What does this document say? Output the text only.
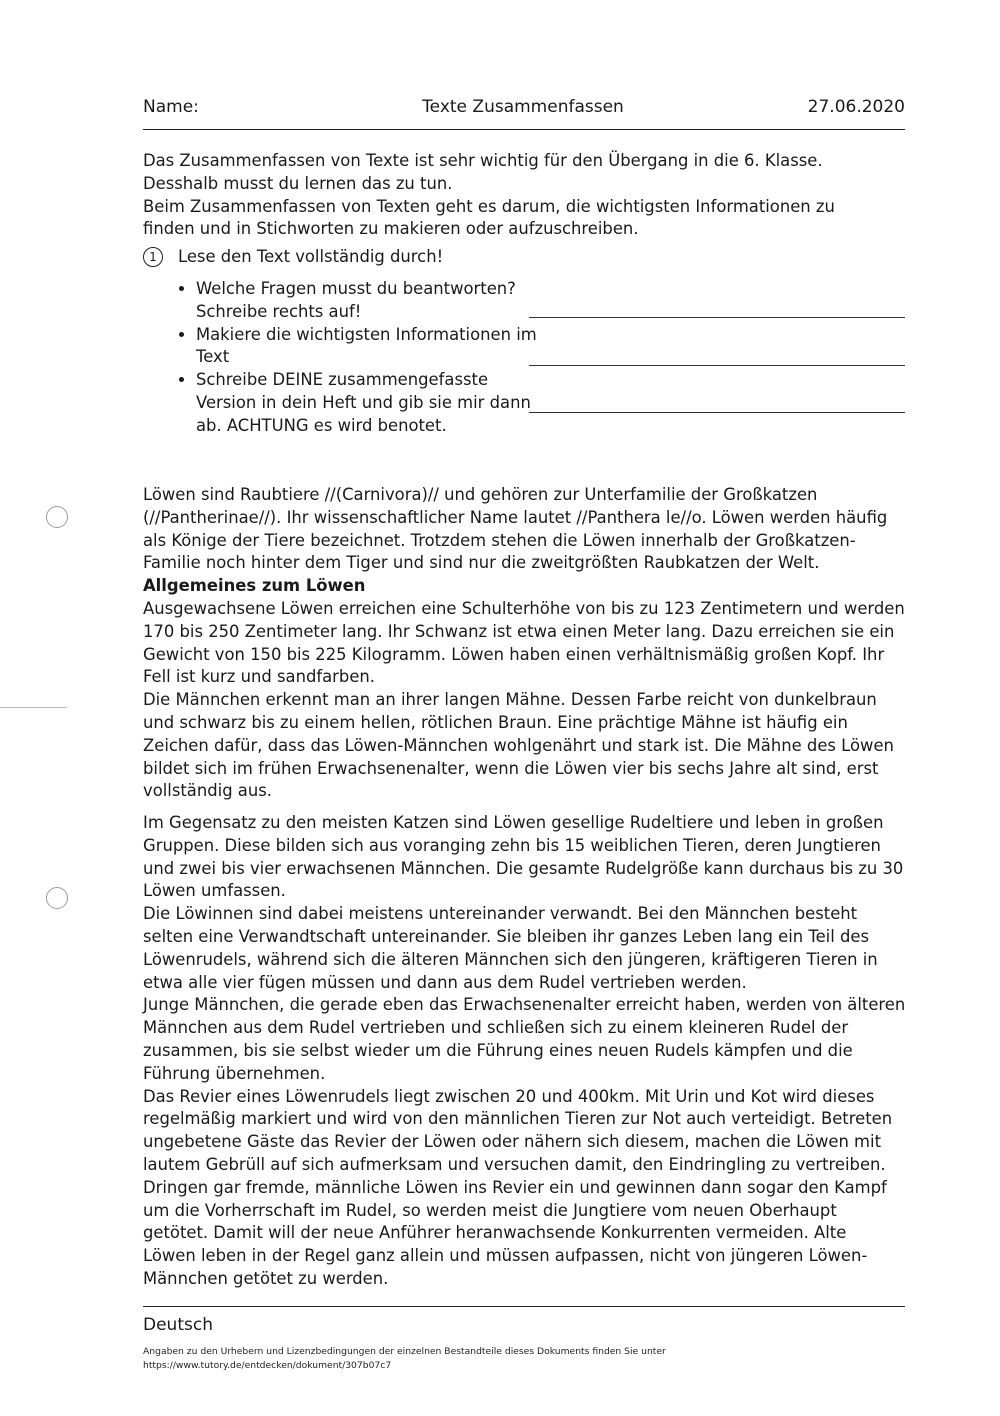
Name:	Texte Zusammenfassen	27.06.2020

Das Zusammenfassen von Texte ist sehr wichtig für den Übergang in die 6. Klasse.

Desshalb musst du lernen das zu tun.

Beim Zusammenfassen von Texten geht es darum, die wichtigsten Informationen zu

finden und in Stichworten zu makieren oder aufzuschreiben.

1	Lese den Text vollständig durch!
• Welche Fragen musst du beantworten? Schreibe rechts auf!
• Makiere die wichtigsten Informationen im Text
• Schreibe DEINE zusammengefasste Version in dein Heft und gib sie mir dann ab. ACHTUNG es wird benotet.

Löwen sind Raubtiere //(Carnivora)// und gehören zur Unterfamilie der Großkatzen

(//Pantherinae//). Ihr wissenschaftlicher Name lautet //Panthera le//o. Löwen werden häufig

als Könige der Tiere bezeichnet. Trotzdem stehen die Löwen innerhalb der Großkatzen-

Familie noch hinter dem Tiger und sind nur die zweitgrößten Raubkatzen der Welt.

Allgemeines zum Löwen

Ausgewachsene Löwen erreichen eine Schulterhöhe von bis zu 123 Zentimetern und werden

170 bis 250 Zentimeter lang. Ihr Schwanz ist etwa einen Meter lang. Dazu erreichen sie ein

Gewicht von 150 bis 225 Kilogramm. Löwen haben einen verhältnismäßig großen Kopf. Ihr

Fell ist kurz und sandfarben.

Die Männchen erkennt man an ihrer langen Mähne. Dessen Farbe reicht von dunkelbraun

und schwarz bis zu einem hellen, rötlichen Braun. Eine prächtige Mähne ist häufig ein

Zeichen dafür, dass das Löwen-Männchen wohlgenährt und stark ist. Die Mähne des Löwen

bildet sich im frühen Erwachsenenalter, wenn die Löwen vier bis sechs Jahre alt sind, erst

vollständig aus.

Im Gegensatz zu den meisten Katzen sind Löwen gesellige Rudeltiere und leben in großen

Gruppen. Diese bilden sich aus voranging zehn bis 15 weiblichen Tieren, deren Jungtieren

und zwei bis vier erwachsenen Männchen. Die gesamte Rudelgröße kann durchaus bis zu 30

Löwen umfassen.

Die Löwinnen sind dabei meistens untereinander verwandt. Bei den Männchen besteht

selten eine Verwandtschaft untereinander. Sie bleiben ihr ganzes Leben lang ein Teil des

Löwenrudels, während sich die älteren Männchen sich den jüngeren, kräftigeren Tieren in

etwa alle vier fügen müssen und dann aus dem Rudel vertrieben werden.

Junge Männchen, die gerade eben das Erwachsenenalter erreicht haben, werden von älteren

Männchen aus dem Rudel vertrieben und schließen sich zu einem kleineren Rudel der

zusammen, bis sie selbst wieder um die Führung eines neuen Rudels kämpfen und die

Führung übernehmen.

Das Revier eines Löwenrudels liegt zwischen 20 und 400km. Mit Urin und Kot wird dieses

regelmäßig markiert und wird von den männlichen Tieren zur Not auch verteidigt. Betreten

ungebetene Gäste das Revier der Löwen oder nähern sich diesem, machen die Löwen mit

lautem Gebrüll auf sich aufmerksam und versuchen damit, den Eindringling zu vertreiben.

Dringen gar fremde, männliche Löwen ins Revier ein und gewinnen dann sogar den Kampf

um die Vorherrschaft im Rudel, so werden meist die Jungtiere vom neuen Oberhaupt

getötet. Damit will der neue Anführer heranwachsende Konkurrenten vermeiden. Alte

Löwen leben in der Regel ganz allein und müssen aufpassen, nicht von jüngeren Löwen-

Männchen getötet zu werden.

Deutsch
Angaben zu den Urhebern und Lizenzbedingungen der einzelnen Bestandteile dieses Dokuments finden Sie unter
https://www.tutory.de/entdecken/dokument/307b07c7
